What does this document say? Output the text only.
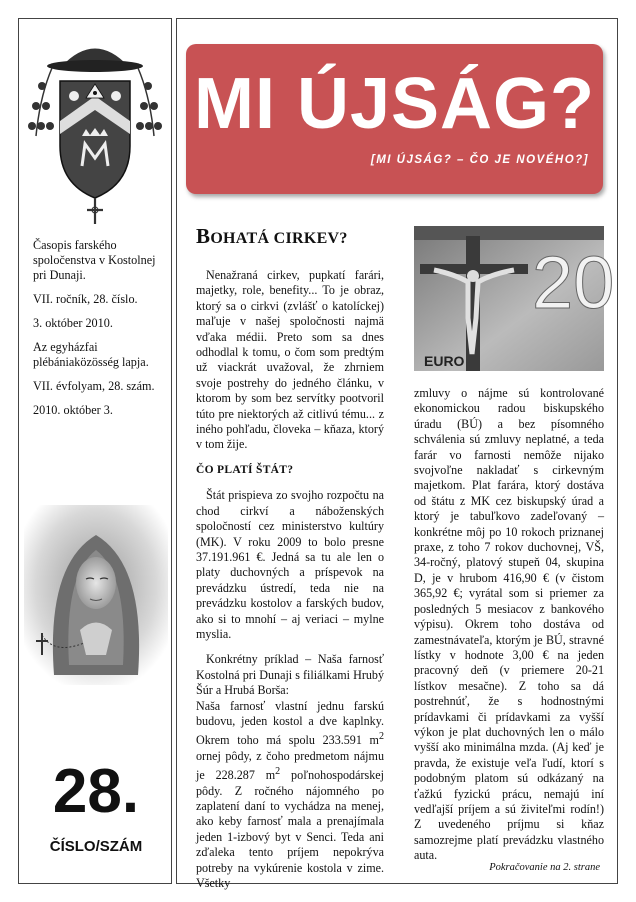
Časopis farského spoločenstva v Kostolnej pri Dunaji.

VII. ročník, 28. číslo.

3. október 2010.

Az egyházfai plébániaközösség lapja.

VII. évfolyam, 28. szám.

2010. október 3.

28.
ČÍSLO/SZÁM
MI ÚJSÁG?
[MI ÚJSÁG? – ČO JE NOVÉHO?]
BOHATÁ CIRKEV?

Nenažraná cirkev, pupkatí farári, majetky, role, benefity... To je obraz, ktorý sa o cirkvi (zvlášť o katolíckej) maľuje v našej spoločnosti najmä vďaka médii. Preto som sa dnes odhodlal k tomu, o čom som predtým už viackrát uvažoval, že zhrniem svoje postrehy do jedného článku, v ktorom by som bez servítky pootvoril túto pre niektorých až citlivú tému... z iného pohľadu, človeka – kňaza, ktorý v tom žije.

ČO PLATÍ ŠTÁT?

Štát prispieva zo svojho rozpočtu na chod cirkví a náboženských spoločností cez ministerstvo kultúry (MK). V roku 2009 to bolo presne 37.191.961 €. Jedná sa tu ale len o platy duchovných a príspevok na prevádzku ústredí, teda nie na prevádzku kostolov a farských budov, ako si to mnohí – aj veriaci – mylne myslia.

Konkrétny príklad – Naša farnosť Kostolná pri Dunaji s filiálkami Hrubý Šúr a Hrubá Borša:

Naša farnosť vlastní jednu farskú budovu, jeden kostol a dve kaplnky. Okrem toho má spolu 233.591 $m^2$ ornej pôdy, z čoho predmetom nájmu je 228.287 $m^2$ poľnohospodárskej pôdy. Z ročného nájomného po zaplatení daní to vychádza na menej, ako keby farnosť mala a prenajímala jeden 1-izbový byt v Senci. Teda ani zďaleka tento príjem nepokrýva potreby na vykúrenie kostola v zime. Všetky

20
EURO

zmluvy o nájme sú kontrolované ekonomickou radou biskupského úradu (BÚ) a bez písomného schválenia sú zmluvy neplatné, a teda farár vo farnosti nemôže nijako svojvoľne nakladať s cirkevným majetkom. Plat farára, ktorý dostáva od štátu z MK cez biskupský úrad a ktorý je tabuľkovo zadeľovaný – konkrétne môj po 10 rokoch priznanej praxe, z toho 7 rokov duchovnej, VŠ, 34-ročný, platový stupeň 04, skupina D, je v hrubom 416,90 € (v čistom 365,92 €; vyrátal som si priemer za posledných 5 mesiacov z bankového výpisu). Okrem toho dostáva od zamestnávateľa, ktorým je BÚ, stravné lístky v hodnote 3,00 € na jeden pracovný deň (v priemere 20-21 lístkov mesačne). Z toho sa dá postrehnúť, že s hodnostnými prídavkami či prídavkami za vyšší výkon je plat duchovných len o málo vyšší ako minimálna mzda. (Aj keď je pravda, že existuje veľa ľudí, ktorí s podobným platom sú odkázaný na ťažkú fyzickú prácu, nemajú iní vedľajší príjem a sú živiteľmi rodín!) Z uvedeného príjmu si kňaz samozrejme platí prevádzku vlastného auta.

Pokračovanie na 2. strane
